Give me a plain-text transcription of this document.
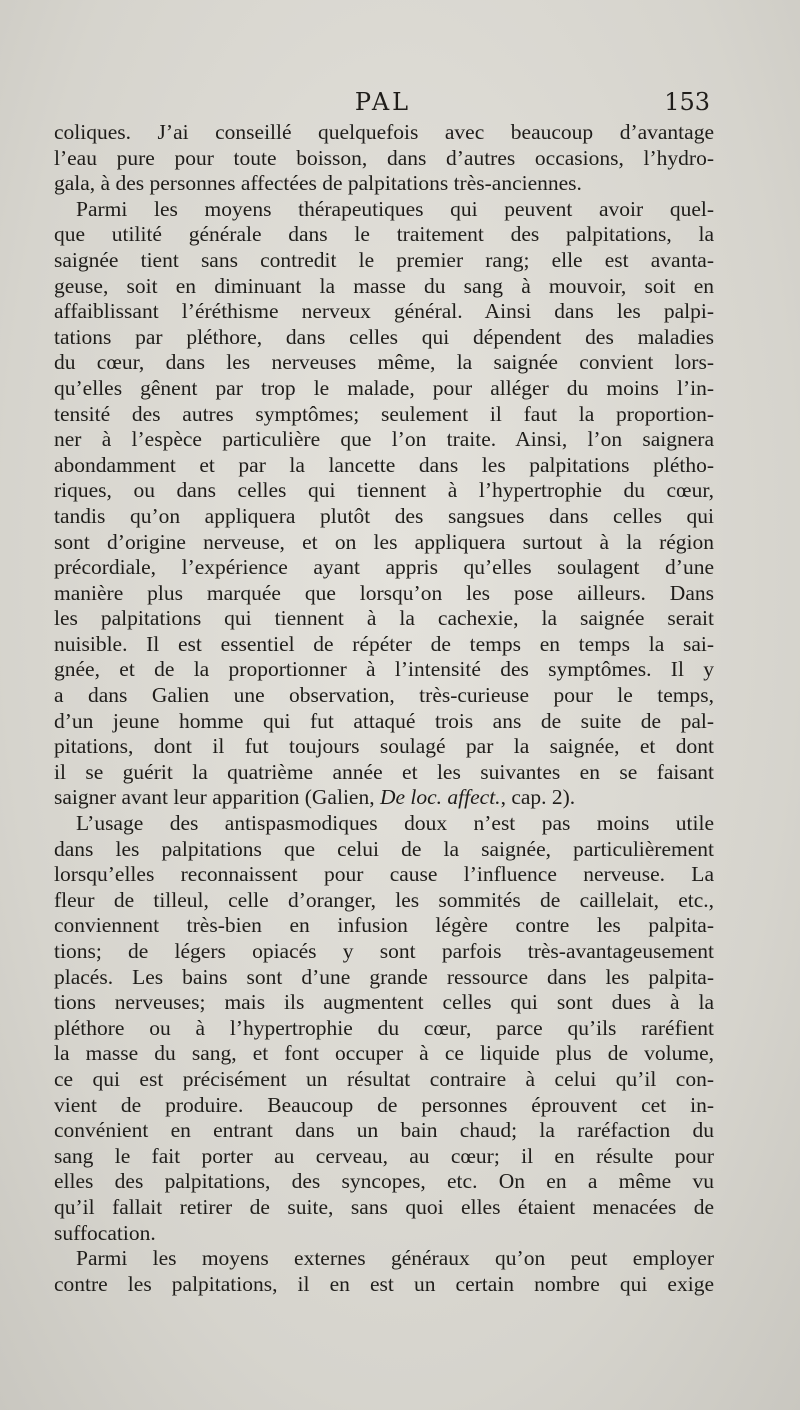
PAL	153
coliques. J’ai conseillé quelquefois avec beaucoup d’avantage
l’eau pure pour toute boisson, dans d’autres occasions, l’hydro-
gala, à des personnes affectées de palpitations très-anciennes.
Parmi les moyens thérapeutiques qui peuvent avoir quel-
que utilité générale dans le traitement des palpitations, la
saignée tient sans contredit le premier rang; elle est avanta-
geuse, soit en diminuant la masse du sang à mouvoir, soit en
affaiblissant l’éréthisme nerveux général. Ainsi dans les palpi-
tations par pléthore, dans celles qui dépendent des maladies
du cœur, dans les nerveuses même, la saignée convient lors-
qu’elles gênent par trop le malade, pour alléger du moins l’in-
tensité des autres symptômes; seulement il faut la proportion-
ner à l’espèce particulière que l’on traite. Ainsi, l’on saignera
abondamment et par la lancette dans les palpitations plétho-
riques, ou dans celles qui tiennent à l’hypertrophie du cœur,
tandis qu’on appliquera plutôt des sangsues dans celles qui
sont d’origine nerveuse, et on les appliquera surtout à la région
précordiale, l’expérience ayant appris qu’elles soulagent d’une
manière plus marquée que lorsqu’on les pose ailleurs. Dans
les palpitations qui tiennent à la cachexie, la saignée serait
nuisible. Il est essentiel de répéter de temps en temps la sai-
gnée, et de la proportionner à l’intensité des symptômes. Il y
a dans Galien une observation, très-curieuse pour le temps,
d’un jeune homme qui fut attaqué trois ans de suite de pal-
pitations, dont il fut toujours soulagé par la saignée, et dont
il se guérit la quatrième année et les suivantes en se faisant
saigner avant leur apparition (Galien, De loc. affect., cap. 2).
L’usage des antispasmodiques doux n’est pas moins utile
dans les palpitations que celui de la saignée, particulièrement
lorsqu’elles reconnaissent pour cause l’influence nerveuse. La
fleur de tilleul, celle d’oranger, les sommités de caillelait, etc.,
conviennent très-bien en infusion légère contre les palpita-
tions; de légers opiacés y sont parfois très-avantageusement
placés. Les bains sont d’une grande ressource dans les palpita-
tions nerveuses; mais ils augmentent celles qui sont dues à la
pléthore ou à l’hypertrophie du cœur, parce qu’ils raréfient
la masse du sang, et font occuper à ce liquide plus de volume,
ce qui est précisément un résultat contraire à celui qu’il con-
vient de produire. Beaucoup de personnes éprouvent cet in-
convénient en entrant dans un bain chaud; la raréfaction du
sang le fait porter au cerveau, au cœur; il en résulte pour
elles des palpitations, des syncopes, etc. On en a même vu
qu’il fallait retirer de suite, sans quoi elles étaient menacées de
suffocation.
Parmi les moyens externes généraux qu’on peut employer
contre les palpitations, il en est un certain nombre qui exige
